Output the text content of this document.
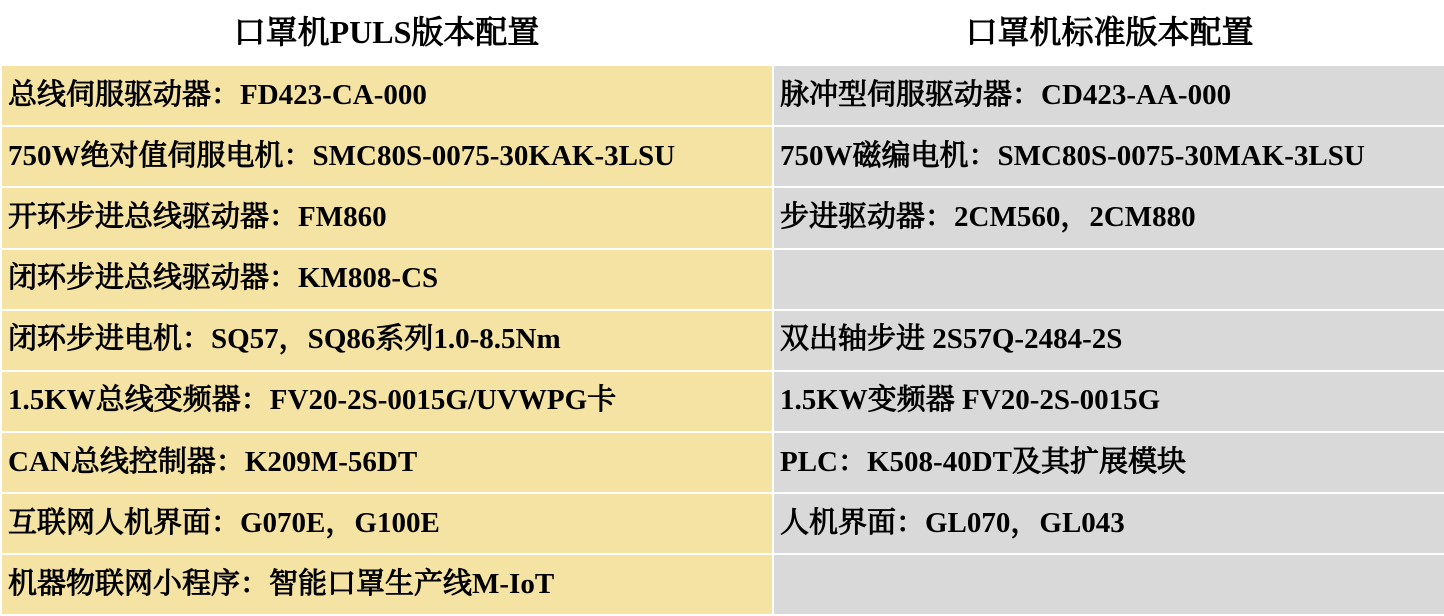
口罩机PULS版本配置	口罩机标准版本配置
总线伺服驱动器：FD423-CA-000	脉冲型伺服驱动器：CD423-AA-000
750W绝对值伺服电机：SMC80S-0075-30KAK-3LSU	750W磁编电机：SMC80S-0075-30MAK-3LSU
开环步进总线驱动器：FM860	步进驱动器：2CM560，2CM880
闭环步进总线驱动器：KM808-CS	
闭环步进电机：SQ57，SQ86系列1.0-8.5Nm	双出轴步进 2S57Q-2484-2S
1.5KW总线变频器：FV20-2S-0015G/UVWPG卡	1.5KW变频器 FV20-2S-0015G
CAN总线控制器：K209M-56DT	PLC：K508-40DT及其扩展模块
互联网人机界面：G070E，G100E	人机界面：GL070，GL043
机器物联网小程序：智能口罩生产线M-IoT	
